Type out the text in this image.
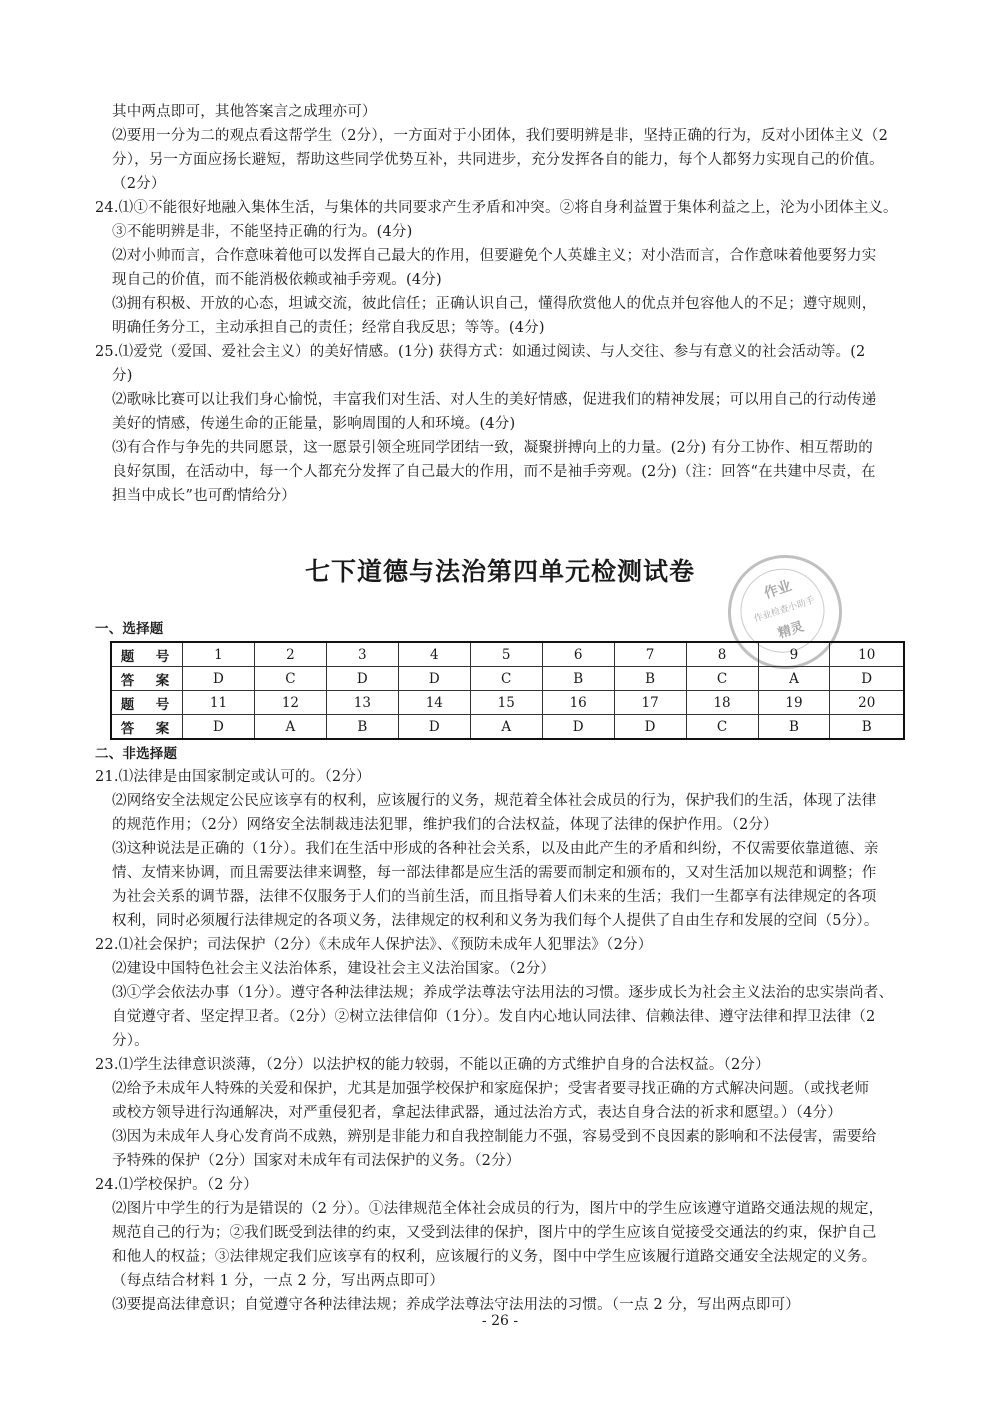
其中两点即可，其他答案言之成理亦可）
⑵要用一分为二的观点看这帮学生（2分），一方面对于小团体，我们要明辨是非，坚持正确的行为，反对小团体主义（2
分），另一方面应扬长避短，帮助这些同学优势互补，共同进步，充分发挥各自的能力，每个人都努力实现自己的价值。
（2分）
24.⑴①不能很好地融入集体生活，与集体的共同要求产生矛盾和冲突。②将自身利益置于集体利益之上，沦为小团体主义。
③不能明辨是非，不能坚持正确的行为。(4分)
⑵对小帅而言，合作意味着他可以发挥自己最大的作用，但要避免个人英雄主义；对小浩而言，合作意味着他要努力实
现自己的价值，而不能消极依赖或袖手旁观。(4分)
⑶拥有积极、开放的心态，坦诚交流，彼此信任；正确认识自己，懂得欣赏他人的优点并包容他人的不足；遵守规则，
明确任务分工，主动承担自己的责任；经常自我反思；等等。(4分)
25.⑴爱党（爱国、爱社会主义）的美好情感。(1分) 获得方式：如通过阅读、与人交往、参与有意义的社会活动等。(2
分)
⑵歌咏比赛可以让我们身心愉悦，丰富我们对生活、对人生的美好情感，促进我们的精神发展；可以用自己的行动传递
美好的情感，传递生命的正能量，影响周围的人和环境。(4分)
⑶有合作与争先的共同愿景，这一愿景引领全班同学团结一致，凝聚拼搏向上的力量。(2分) 有分工协作、相互帮助的
良好氛围，在活动中，每一个人都充分发挥了自己最大的作用，而不是袖手旁观。(2分)（注：回答“在共建中尽责，在
担当中成长”也可酌情给分）
七下道德与法治第四单元检测试卷
作业
作业检查小助手
精灵
一、选择题
题　号	1	2	3	4	5	6	7	8	9	10
答　案	D	C	D	D	C	B	B	C	A	D
题　号	11	12	13	14	15	16	17	18	19	20
答　案	D	A	B	D	A	D	D	C	B	B
二、非选择题
21.⑴法律是由国家制定或认可的。（2分）
⑵网络安全法规定公民应该享有的权利，应该履行的义务，规范着全体社会成员的行为，保护我们的生活，体现了法律
的规范作用；（2分）网络安全法制裁违法犯罪，维护我们的合法权益，体现了法律的保护作用。（2分）
⑶这种说法是正确的（1分）。我们在生活中形成的各种社会关系，以及由此产生的矛盾和纠纷，不仅需要依靠道德、亲
情、友情来协调，而且需要法律来调整，每一部法律都是应生活的需要而制定和颁布的，又对生活加以规范和调整；作
为社会关系的调节器，法律不仅服务于人们的当前生活，而且指导着人们未来的生活；我们一生都享有法律规定的各项
权利，同时必须履行法律规定的各项义务，法律规定的权利和义务为我们每个人提供了自由生存和发展的空间（5分）。
22.⑴社会保护；司法保护（2分）《未成年人保护法》、《预防未成年人犯罪法》（2分）
⑵建设中国特色社会主义法治体系，建设社会主义法治国家。（2分）
⑶①学会依法办事（1分）。遵守各种法律法规；养成学法尊法守法用法的习惯。逐步成长为社会主义法治的忠实崇尚者、
自觉遵守者、坚定捍卫者。（2分）②树立法律信仰（1分）。发自内心地认同法律、信赖法律、遵守法律和捍卫法律（2
分）。
23.⑴学生法律意识淡薄，（2分）以法护权的能力较弱，不能以正确的方式维护自身的合法权益。（2分）
⑵给予未成年人特殊的关爱和保护，尤其是加强学校保护和家庭保护；受害者要寻找正确的方式解决问题。（或找老师
或校方领导进行沟通解决，对严重侵犯者，拿起法律武器，通过法治方式，表达自身合法的祈求和愿望。）（4分）
⑶因为未成年人身心发育尚不成熟，辨别是非能力和自我控制能力不强，容易受到不良因素的影响和不法侵害，需要给
予特殊的保护（2分）国家对未成年有司法保护的义务。（2分）
24.⑴学校保护。（2 分）
⑵图片中学生的行为是错误的（2 分）。①法律规范全体社会成员的行为，图片中的学生应该遵守道路交通法规的规定，
规范自己的行为；②我们既受到法律的约束，又受到法律的保护，图片中的学生应该自觉接受交通法的约束，保护自己
和他人的权益；③法律规定我们应该享有的权利，应该履行的义务，图中中学生应该履行道路交通安全法规定的义务。
（每点结合材料 1 分，一点 2 分，写出两点即可）
⑶要提高法律意识；自觉遵守各种法律法规；养成学法尊法守法用法的习惯。（一点 2 分，写出两点即可）
- 26 -
